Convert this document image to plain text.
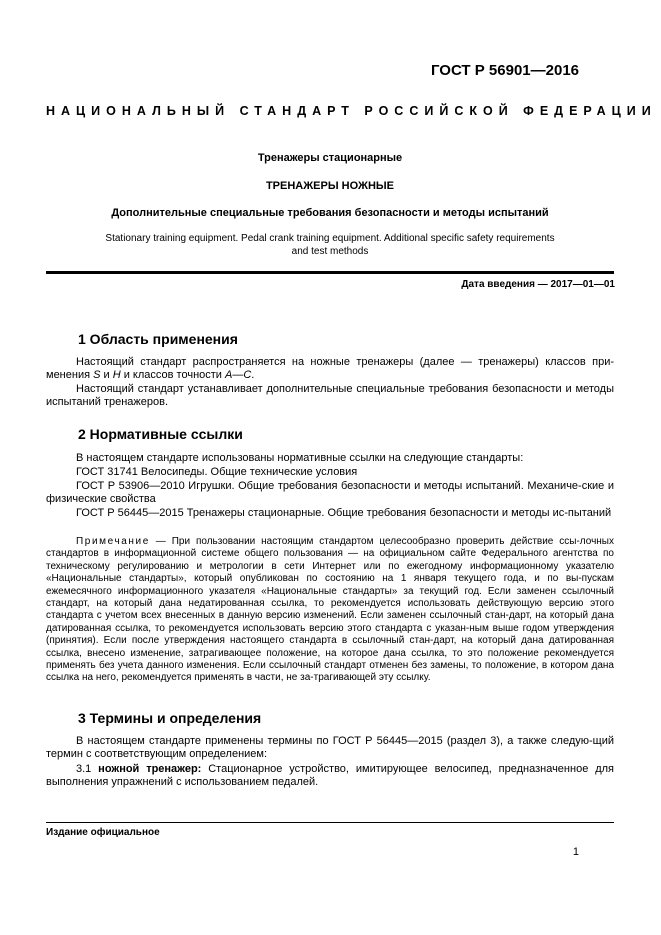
ГОСТ Р 56901—2016
НАЦИОНАЛЬНЫЙ СТАНДАРТ РОССИЙСКОЙ ФЕДЕРАЦИИ
Тренажеры стационарные
ТРЕНАЖЕРЫ НОЖНЫЕ
Дополнительные специальные требования безопасности и методы испытаний
Stationary training equipment. Pedal crank training equipment. Additional specific safety requirements
and test methods
Дата введения — 2017—01—01
1 Область применения

Настоящий стандарт распространяется на ножные тренажеры (далее — тренажеры) классов при-менения S и H и классов точности A—C.

Настоящий стандарт устанавливает дополнительные специальные требования безопасности и методы испытаний тренажеров.

2 Нормативные ссылки

В настоящем стандарте использованы нормативные ссылки на следующие стандарты:

ГОСТ 31741 Велосипеды. Общие технические условия

ГОСТ Р 53906—2010 Игрушки. Общие требования безопасности и методы испытаний. Механиче-ские и физические свойства

ГОСТ Р 56445—2015 Тренажеры стационарные. Общие требования безопасности и методы ис-пытаний

Примечание — При пользовании настоящим стандартом целесообразно проверить действие ссы-лочных стандартов в информационной системе общего пользования — на официальном сайте Федерального агентства по техническому регулированию и метрологии в сети Интернет или по ежегодному информационному указателю «Национальные стандарты», который опубликован по состоянию на 1 января текущего года, и по вы-пускам ежемесячного информационного указателя «Национальные стандарты» за текущий год. Если заменен ссылочный стандарт, на который дана недатированная ссылка, то рекомендуется использовать действующую версию этого стандарта с учетом всех внесенных в данную версию изменений. Если заменен ссылочный стан-дарт, на который дана датированная ссылка, то рекомендуется использовать версию этого стандарта с указан-ным выше годом утверждения (принятия). Если после утверждения настоящего стандарта в ссылочный стан-дарт, на который дана датированная ссылка, внесено изменение, затрагивающее положение, на которое дана ссылка, то это положение рекомендуется применять без учета данного изменения. Если ссылочный стандарт отменен без замены, то положение, в котором дана ссылка на него, рекомендуется применять в части, не за-трагивающей эту ссылку.

3 Термины и определения

В настоящем стандарте применены термины по ГОСТ Р 56445—2015 (раздел 3), а также следую-щий термин с соответствующим определением:

3.1 ножной тренажер: Стационарное устройство, имитирующее велосипед, предназначенное для выполнения упражнений с использованием педалей.

Издание официальное
1
